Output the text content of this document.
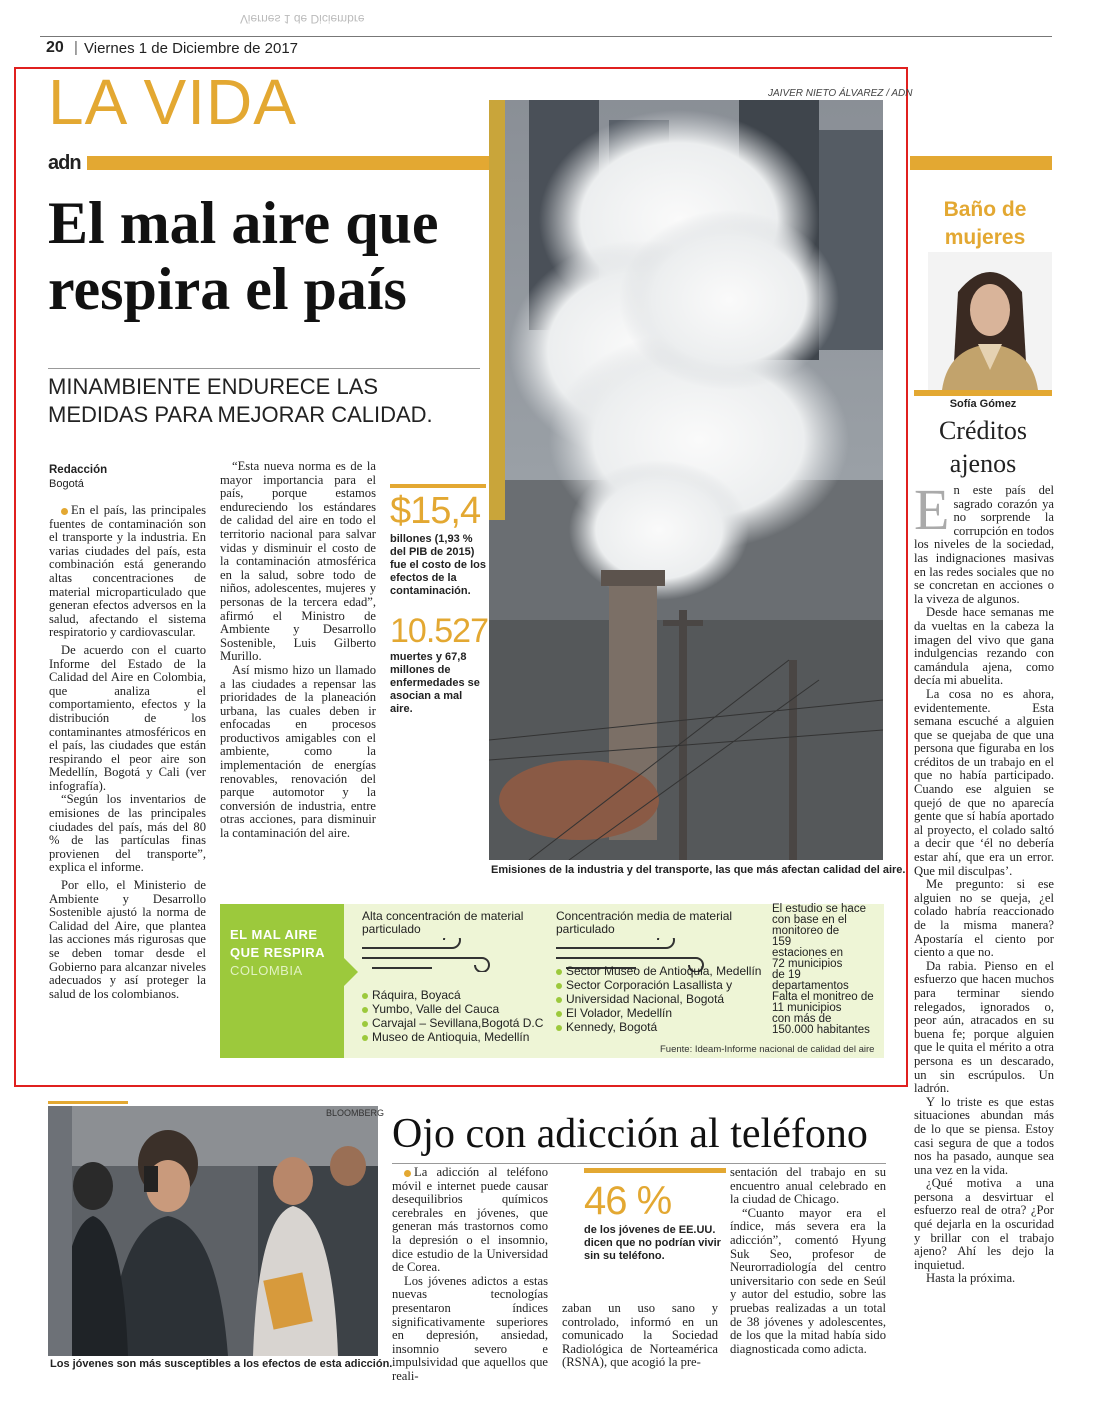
Viernes 1 de Diciembre
20 | Viernes 1 de Diciembre de 2017
LA VIDA	JAIVER NIETO ÁLVAREZ / ADN
adn
El mal aire que respira el país
MINAMBIENTE ENDURECE LAS MEDIDAS PARA MEJORAR CALIDAD.
Redacción
Bogotá

En el país, las principales fuentes de contaminación son el transporte y la industria. En varias ciudades del país, esta combinación está generando altas concentraciones de material microparticulado que generan efectos adversos en la salud, afectando el sistema respiratorio y cardiovascular.

De acuerdo con el cuarto Informe del Estado de la Calidad del Aire en Colombia, que analiza el comportamiento, efectos y la distribución de los contaminantes atmosféricos en el país, las ciudades que están respirando el peor aire son Medellín, Bogotá y Cali (ver infografía).

“Según los inventarios de emisiones de las principales ciudades del país, más del 80 % de las partículas finas provienen del transporte”, explica el informe.

Por ello, el Ministerio de Ambiente y Desarrollo Sostenible ajustó la norma de Calidad del Aire, que plantea las acciones más rigurosas que se deben tomar desde el Gobierno para alcanzar niveles adecuados y así proteger la salud de los colombianos.

“Esta nueva norma es de la mayor importancia para el país, porque estamos endureciendo los estándares de calidad del aire en todo el territorio nacional para salvar vidas y disminuir el costo de la contaminación atmosférica en la salud, sobre todo de niños, adolescentes, mujeres y personas de la tercera edad”, afirmó el Ministro de Ambiente y Desarrollo Sostenible, Luis Gilberto Murillo.

Así mismo hizo un llamado a las ciudades a repensar las prioridades de la planeación urbana, las cuales deben ir enfocadas en procesos productivos amigables con el ambiente, como la implementación de energías renovables, renovación del parque automotor y la conversión de industria, entre otras acciones, para disminuir la contaminación del aire.

$15,4
billones (1,93 % del PIB de 2015) fue el costo de los efectos de la contaminación.
10.527
muertes y 67,8 millones de enfermedades se asocian a mal aire.
Emisiones de la industria y del transporte, las que más afectan calidad del aire.
EL MAL AIRE
QUE RESPIRA
COLOMBIA
Alta concentración de material particulado
Ráquira, Boyacá
Yumbo, Valle del Cauca
Carvajal – Sevillana,Bogotá D.C
Museo de Antioquia, Medellín
Concentración media de material particulado
Sector Museo de Antioquia, Medellín
Sector Corporación Lasallista y
Universidad Nacional, Bogotá
El Volador, Medellín
Kennedy, Bogotá
El estudio se hace con base en el monitoreo de
159
estaciones en
72 municipios
de 19
departamentos
Falta el monitreo de
11 municipios
con más de
150.000 habitantes
Fuente: Ideam-Informe nacional de calidad del aire
Baño de mujeres
Sofía Gómez
Créditos ajenos

En este país del sagrado corazón ya no sorprende la corrupción en todos los niveles de la sociedad, las indignaciones masivas en las redes sociales que no se concretan en acciones o la viveza de algunos.

Desde hace semanas me da vueltas en la cabeza la imagen del vivo que gana indulgencias rezando con camándula ajena, como decía mi abuelita.

La cosa no es ahora, evidentemente. Esta semana escuché a alguien que se quejaba de que una persona que figuraba en los créditos de un trabajo en el que no había participado. Cuando ese alguien se quejó de que no aparecía gente que sí había aportado al proyecto, el colado saltó a decir que ‘él no debería estar ahí, que era un error. Que mil disculpas’.

Me pregunto: si ese alguien no se queja, ¿el colado habría reaccionado de la misma manera? Apostaría el ciento por ciento a que no.

Da rabia. Pienso en el esfuerzo que hacen muchos para terminar siendo relegados, ignorados o, peor aún, atracados en su buena fe; porque alguien que le quita el mérito a otra persona es un descarado, un sin escrúpulos. Un ladrón.

Y lo triste es que estas situaciones abundan más de lo que se piensa. Estoy casi segura de que a todos nos ha pasado, aunque sea una vez en la vida.

¿Qué motiva a una persona a desvirtuar el esfuerzo real de otra? ¿Por qué dejarla en la oscuridad y brillar con el trabajo ajeno? Ahí les dejo la inquietud.

Hasta la próxima.

BLOOMBERG
Los jóvenes son más susceptibles a los efectos de esta adicción.
Ojo con adicción al teléfono

La adicción al teléfono móvil e internet puede causar desequilibrios químicos cerebrales en jóvenes, que generan más trastornos como la depresión o el insomnio, dice estudio de la Universidad de Corea.

Los jóvenes adictos a estas nuevas tecnologías presentaron índices significativamente superiores en depresión, ansiedad, insomnio severo e impulsividad que aquellos que reali-

46 %
de los jóvenes de EE.UU. dicen que no podrían vivir sin su teléfono.
zaban un uso sano y controlado, informó en un comunicado la Sociedad Radiológica de Norteamérica (RSNA), que acogió la pre-

sentación del trabajo en su encuentro anual celebrado en la ciudad de Chicago.

“Cuanto mayor era el índice, más severa era la adicción”, comentó Hyung Suk Seo, profesor de Neurorradiología del centro universitario con sede en Seúl y autor del estudio, sobre las pruebas realizadas a un total de 38 jóvenes y adolescentes, de los que la mitad había sido diagnosticada como adicta.
